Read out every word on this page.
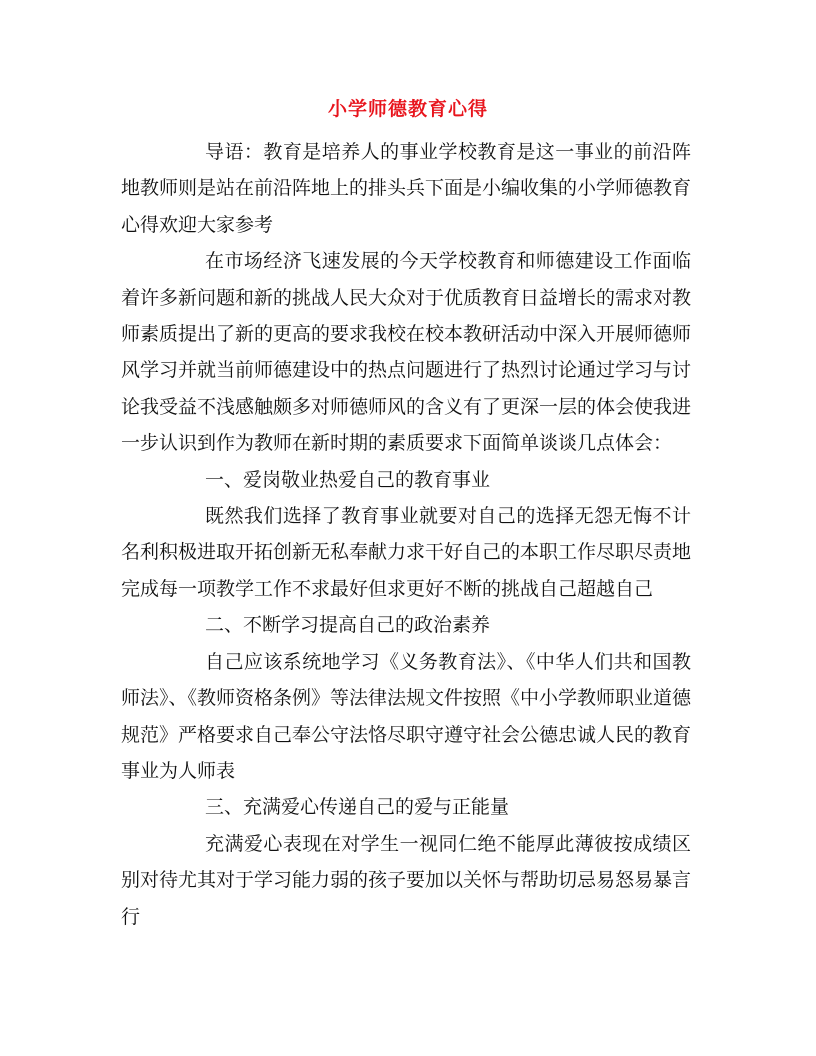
小学师德教育心得

导语：教育是培养人的事业学校教育是这一事业的前沿阵地教师则是站在前沿阵地上的排头兵下面是小编收集的小学师德教育心得欢迎大家参考

在市场经济飞速发展的今天学校教育和师德建设工作面临着许多新问题和新的挑战人民大众对于优质教育日益增长的需求对教师素质提出了新的更高的要求我校在校本教研活动中深入开展师德师风学习并就当前师德建设中的热点问题进行了热烈讨论通过学习与讨论我受益不浅感触颇多对师德师风的含义有了更深一层的体会使我进一步认识到作为教师在新时期的素质要求下面简单谈谈几点体会：

一、爱岗敬业热爱自己的教育事业

既然我们选择了教育事业就要对自己的选择无怨无悔不计名利积极进取开拓创新无私奉献力求干好自己的本职工作尽职尽责地完成每一项教学工作不求最好但求更好不断的挑战自己超越自己

二、不断学习提高自己的政治素养

自己应该系统地学习《义务教育法》、《中华人们共和国教师法》、《教师资格条例》等法律法规文件按照《中小学教师职业道德规范》严格要求自己奉公守法恪尽职守遵守社会公德忠诚人民的教育事业为人师表

三、充满爱心传递自己的爱与正能量

充满爱心表现在对学生一视同仁绝不能厚此薄彼按成绩区别对待尤其对于学习能力弱的孩子要加以关怀与帮助切忌易怒易暴言行
